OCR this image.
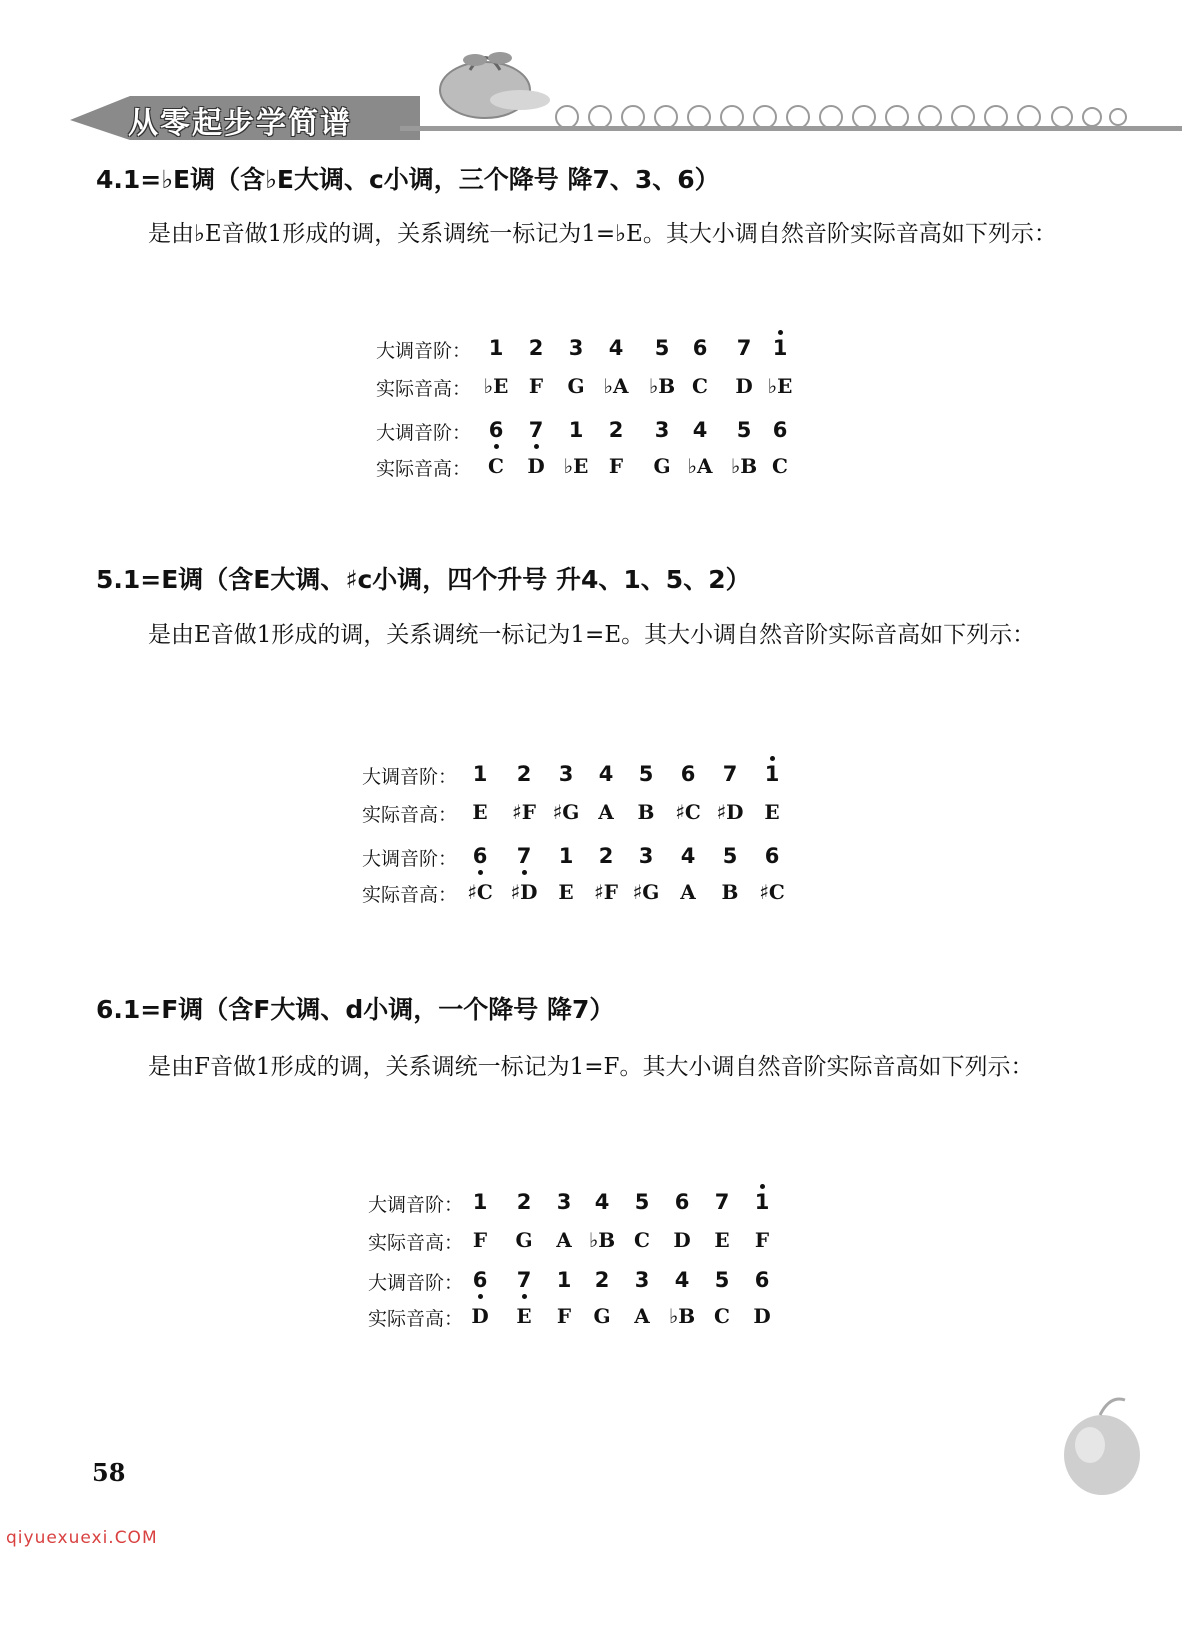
从零起步学简谱
4.1=♭E调（含♭E大调、c小调，三个降号 降7、3、6）
是由♭E音做1形成的调，关系调统一标记为1=♭E。其大小调自然音阶实际音高如下列示：
大调音阶： 1	2	3	4	5	6	7	1
实际音高： ♭E	F	G ♭A	♭B C	D ♭E
大调音阶： 6	7	1	2	3	4	5	6
实际音高： C	D ♭E	F	G ♭A ♭B C
5.1=E调（含E大调、♯c小调，四个升号 升4、1、5、2）
是由E音做1形成的调，关系调统一标记为1=E。其大小调自然音阶实际音高如下列示：
大调音阶： 1	2	3	4	5	6	7	1
实际音高： E	♯F ♯G A	B	♯C ♯D	E
大调音阶： 6	7	1	2	3	4	5	6
实际音高： ♯C ♯D	E	♯F ♯G	A	B	♯C
6.1=F调（含F大调、d小调，一个降号 降7）
是由F音做1形成的调，关系调统一标记为1=F。其大小调自然音阶实际音高如下列示：
大调音阶： 1	2	3	4	5	6	7	1
实际音高： F	G	A ♭B C	D	E	F
大调音阶： 6	7	1	2	3	4	5	6
实际音高： D	E	F	G	A ♭B C	D
58
qiyuexuexi.COM
